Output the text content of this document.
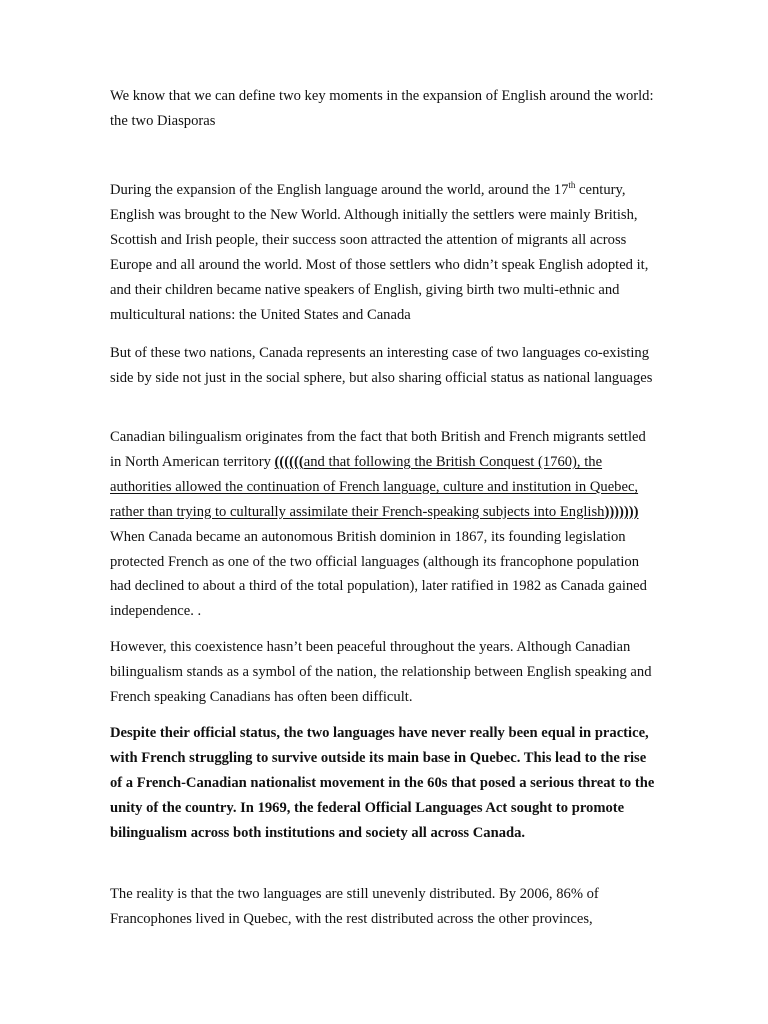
We know that we can define two key moments in the expansion of English around the world: the two Diasporas

During the expansion of the English language around the world, around the 17th century, English was brought to the New World. Although initially the settlers were mainly British, Scottish and Irish people, their success soon attracted the attention of migrants all across Europe and all around the world. Most of those settlers who didn’t speak English adopted it, and their children became native speakers of English, giving birth two multi-ethnic and multicultural nations: the United States and Canada

But of these two nations, Canada represents an interesting case of two languages co-existing side by side not just in the social sphere, but also sharing official status as national languages

Canadian bilingualism originates from the fact that both British and French migrants settled in North American territory ((((((and that following the British Conquest (1760), the authorities allowed the continuation of French language, culture and institution in Quebec, rather than trying to culturally assimilate their French-speaking subjects into English))))))) When Canada became an autonomous British dominion in 1867, its founding legislation protected French as one of the two official languages (although its francophone population had declined to about a third of the total population), later ratified in 1982 as Canada gained independence. .

However, this coexistence hasn’t been peaceful throughout the years. Although Canadian bilingualism stands as a symbol of the nation, the relationship between English speaking and French speaking Canadians has often been difficult.

Despite their official status, the two languages have never really been equal in practice, with French struggling to survive outside its main base in Quebec. This lead to the rise of a French-Canadian nationalist movement in the 60s that posed a serious threat to the unity of the country. In 1969, the federal Official Languages Act sought to promote bilingualism across both institutions and society all across Canada.

The reality is that the two languages are still unevenly distributed. By 2006, 86% of Francophones lived in Quebec, with the rest distributed across the other provinces,
